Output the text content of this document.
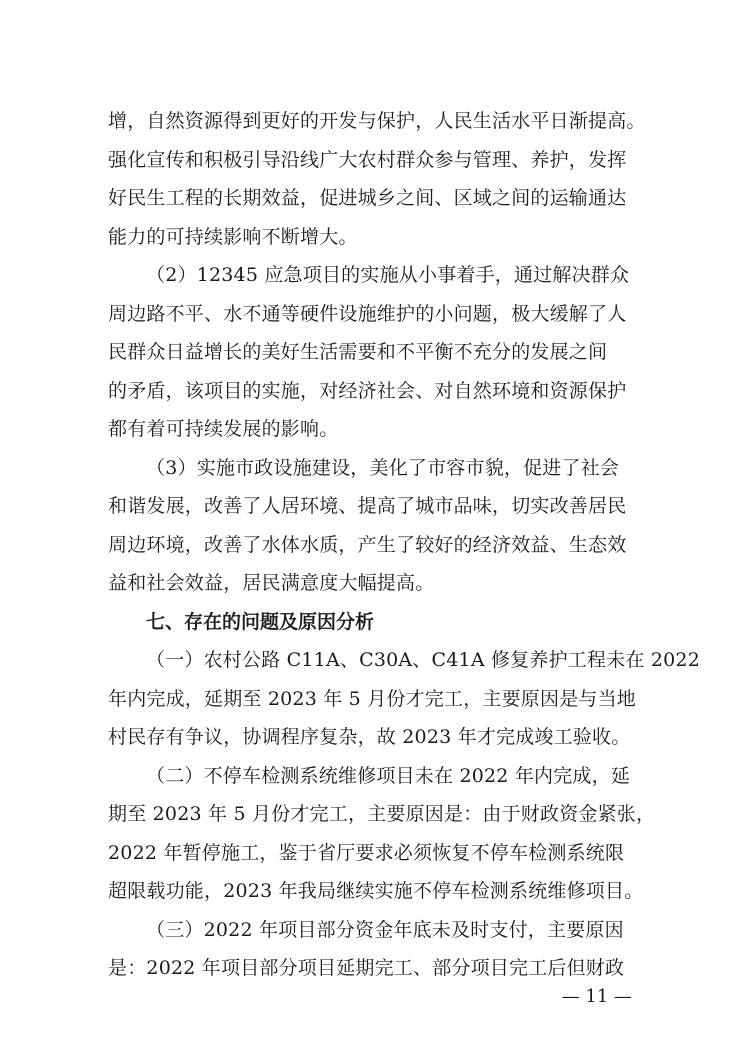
增，自然资源得到更好的开发与保护，人民生活水平日渐提高。

强化宣传和积极引导沿线广大农村群众参与管理、养护，发挥

好民生工程的长期效益，促进城乡之间、区域之间的运输通达

能力的可持续影响不断增大。

（2）12345 应急项目的实施从小事着手，通过解决群众

周边路不平、水不通等硬件设施维护的小问题，极大缓解了人

民群众日益增长的美好生活需要和不平衡不充分的发展之间

的矛盾，该项目的实施，对经济社会、对自然环境和资源保护

都有着可持续发展的影响。

（3）实施市政设施建设，美化了市容市貌，促进了社会

和谐发展，改善了人居环境、提高了城市品味，切实改善居民

周边环境，改善了水体水质，产生了较好的经济效益、生态效

益和社会效益，居民满意度大幅提高。

七、存在的问题及原因分析

（一）农村公路 C11A、C30A、C41A 修复养护工程未在 2022

年内完成，延期至 2023 年 5 月份才完工，主要原因是与当地

村民存有争议，协调程序复杂，故 2023 年才完成竣工验收。

（二）不停车检测系统维修项目未在 2022 年内完成，延

期至 2023 年 5 月份才完工，主要原因是：由于财政资金紧张，

2022 年暂停施工，鉴于省厅要求必须恢复不停车检测系统限

超限载功能，2023 年我局继续实施不停车检测系统维修项目。

（三）2022 年项目部分资金年底未及时支付，主要原因

是：2022 年项目部分项目延期完工、部分项目完工后但财政

— 11 —
